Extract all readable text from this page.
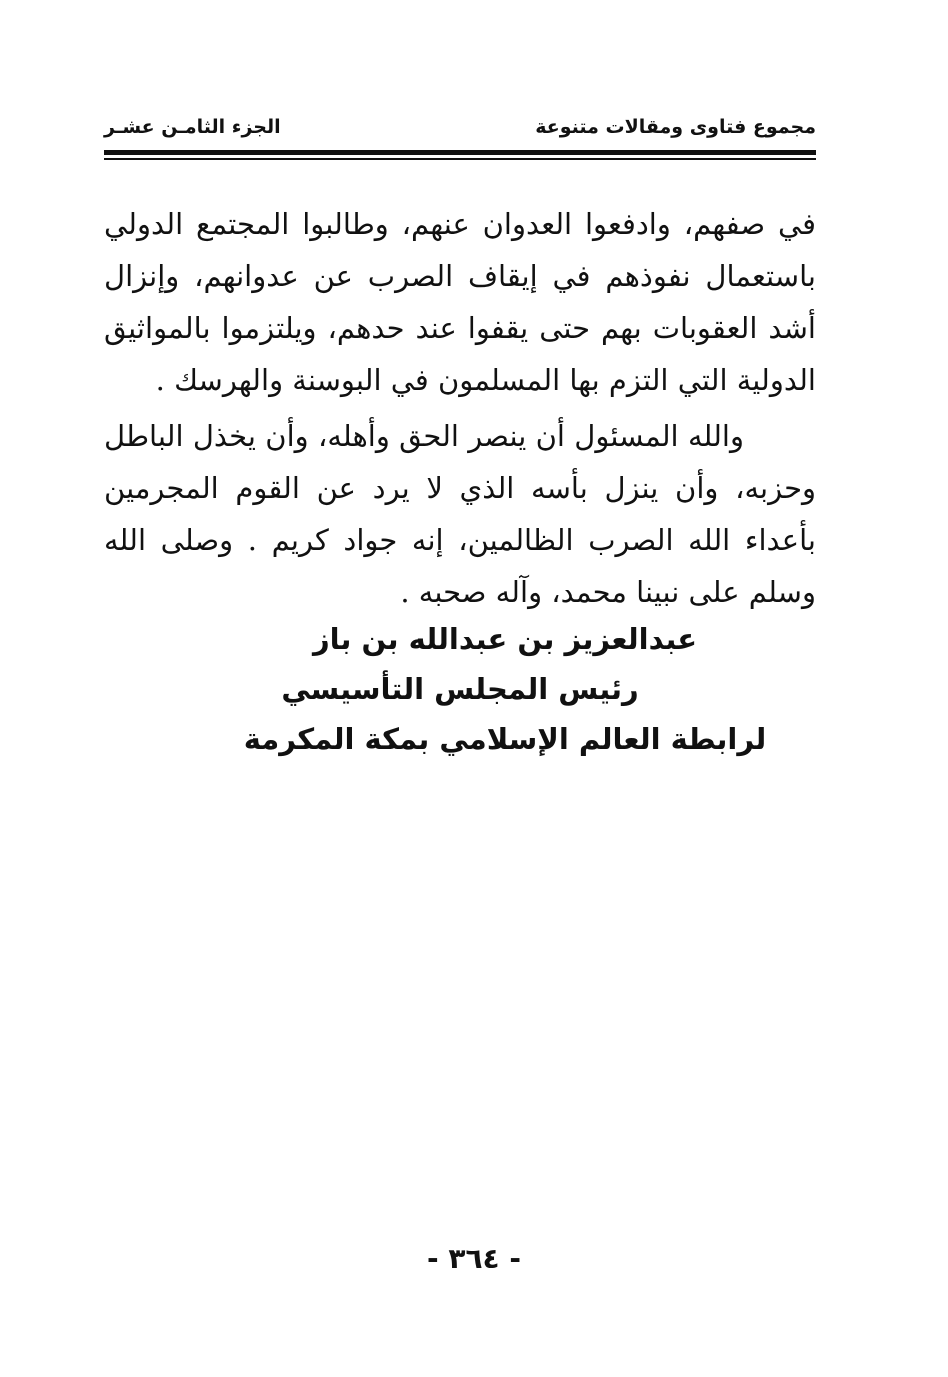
مجموع فتاوى ومقالات متنوعة
الجزء الثامـن عشـر

في صفهم، وادفعوا العدوان عنهم، وطالبوا المجتمع الدولي باستعمال نفوذهم في إيقاف الصرب عن عدوانهم، وإنزال أشد العقوبات بهم حتى يقفوا عند حدهم، ويلتزموا بالمواثيق الدولية التي التزم بها المسلمون في البوسنة والهرسك .

والله المسئول أن ينصر الحق وأهله، وأن يخذل الباطل وحزبه، وأن ينزل بأسه الذي لا يرد عن القوم المجرمين بأعداء الله الصرب الظالمين، إنه جواد كريم . وصلى الله وسلم على نبينا محمد، وآله صحبه .

عبدالعزيز بن عبدالله بن باز
رئيس المجلس التأسيسي
لرابطة العالم الإسلامي بمكة المكرمة
- ٣٦٤ -
